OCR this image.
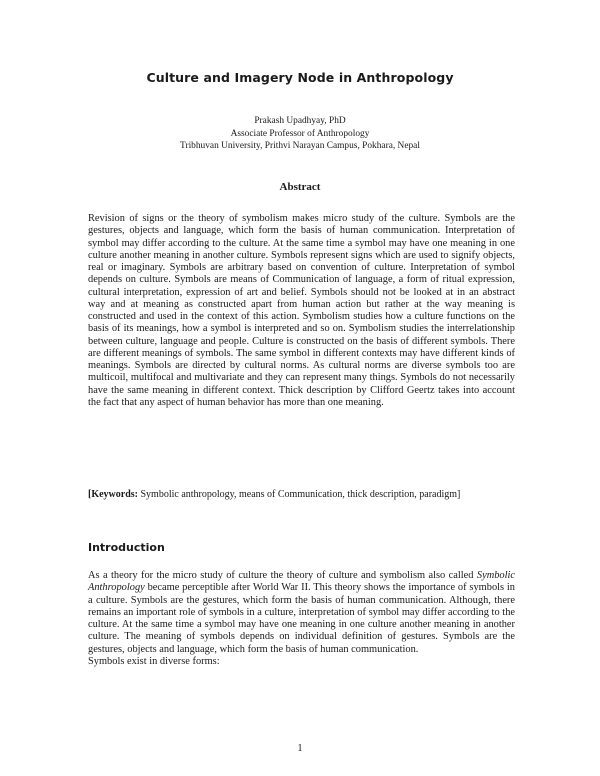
Culture and Imagery Node in Anthropology
Prakash Upadhyay, PhD
Associate Professor of Anthropology
Tribhuvan University, Prithvi Narayan Campus, Pokhara, Nepal
Abstract

Revision of signs or the theory of symbolism makes micro study of the culture. Symbols are the gestures, objects and language, which form the basis of human communication. Interpretation of symbol may differ according to the culture. At the same time a symbol may have one meaning in one culture another meaning in another culture. Symbols represent signs which are used to signify objects, real or imaginary. Symbols are arbitrary based on convention of culture. Interpretation of symbol depends on culture. Symbols are means of Communication of language, a form of ritual expression, cultural interpretation, expression of art and belief. Symbols should not be looked at in an abstract way and at meaning as constructed apart from human action but rather at the way meaning is constructed and used in the context of this action. Symbolism studies how a culture functions on the basis of its meanings, how a symbol is interpreted and so on. Symbolism studies the interrelationship between culture, language and people. Culture is constructed on the basis of different symbols. There are different meanings of symbols. The same symbol in different contexts may have different kinds of meanings. Symbols are directed by cultural norms. As cultural norms are diverse symbols too are multicoil, multifocal and multivariate and they can represent many things. Symbols do not necessarily have the same meaning in different context. Thick description by Clifford Geertz takes into account the fact that any aspect of human behavior has more than one meaning.

[Keywords: Symbolic anthropology, means of Communication, thick description, paradigm]
Introduction
As a theory for the micro study of culture the theory of culture and symbolism also called Symbolic Anthropology became perceptible after World War II. This theory shows the importance of symbols in a culture. Symbols are the gestures, which form the basis of human communication. Although, there remains an important role of symbols in a culture, interpretation of symbol may differ according to the culture. At the same time a symbol may have one meaning in one culture another meaning in another culture. The meaning of symbols depends on individual definition of gestures. Symbols are the gestures, objects and language, which form the basis of human communication.
Symbols exist in diverse forms:
1
